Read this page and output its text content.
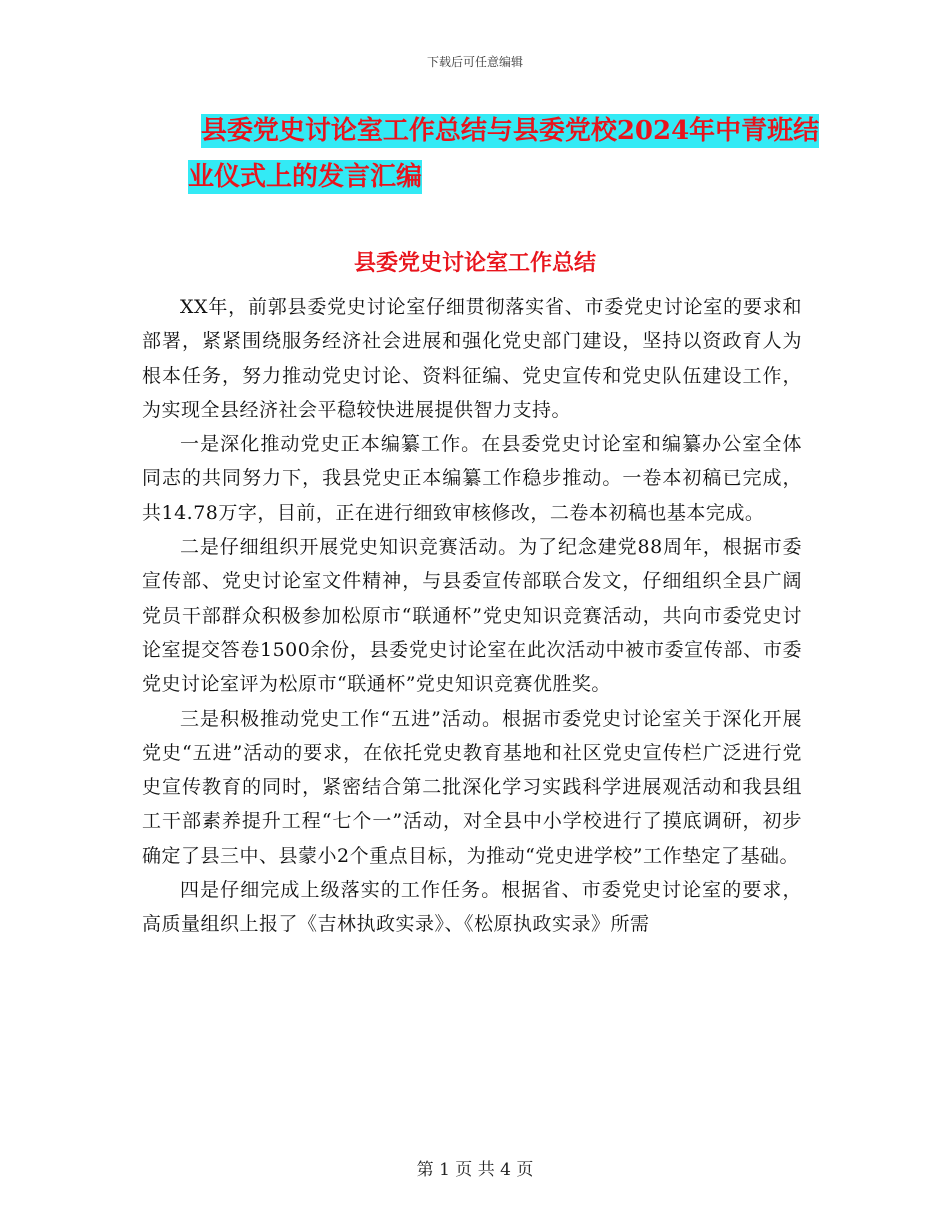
下载后可任意编辑
县委党史讨论室工作总结与县委党校2024年中青班结
业仪式上的发言汇编
县委党史讨论室工作总结

XX年，前郭县委党史讨论室仔细贯彻落实省、市委党史讨论室的要求和部署，紧紧围绕服务经济社会进展和强化党史部门建设，坚持以资政育人为根本任务，努力推动党史讨论、资料征编、党史宣传和党史队伍建设工作，为实现全县经济社会平稳较快进展提供智力支持。

一是深化推动党史正本编纂工作。在县委党史讨论室和编纂办公室全体同志的共同努力下，我县党史正本编纂工作稳步推动。一卷本初稿已完成，共14.78万字，目前，正在进行细致审核修改，二卷本初稿也基本完成。

二是仔细组织开展党史知识竞赛活动。为了纪念建党88周年，根据市委宣传部、党史讨论室文件精神，与县委宣传部联合发文，仔细组织全县广阔党员干部群众积极参加松原市“联通杯”党史知识竞赛活动，共向市委党史讨论室提交答卷1500余份，县委党史讨论室在此次活动中被市委宣传部、市委党史讨论室评为松原市“联通杯”党史知识竞赛优胜奖。

三是积极推动党史工作“五进”活动。根据市委党史讨论室关于深化开展党史“五进”活动的要求，在依托党史教育基地和社区党史宣传栏广泛进行党史宣传教育的同时，紧密结合第二批深化学习实践科学进展观活动和我县组工干部素养提升工程“七个一”活动，对全县中小学校进行了摸底调研，初步确定了县三中、县蒙小2个重点目标，为推动“党史进学校”工作垫定了基础。

四是仔细完成上级落实的工作任务。根据省、市委党史讨论室的要求，高质量组织上报了《吉林执政实录》、《松原执政实录》所需

第 1 页 共 4 页
